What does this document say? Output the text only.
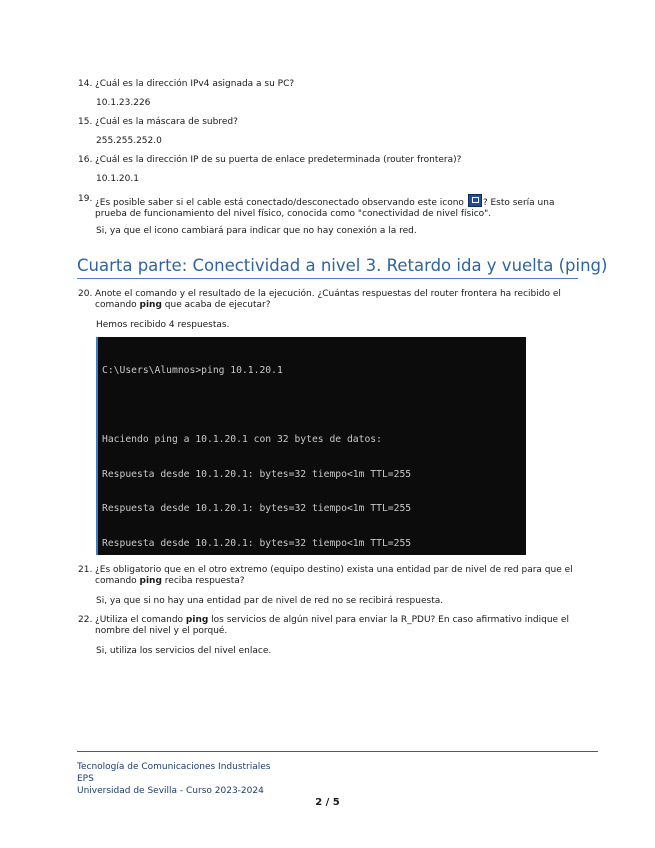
14. ¿Cuál es la dirección IPv4 asignada a su PC?
10.1.23.226
15. ¿Cuál es la máscara de subred?
255.255.252.0
16. ¿Cuál es la dirección IP de su puerta de enlace predeterminada (router frontera)?
10.1.20.1
19. ¿Es posible saber si el cable está conectado/desconectado observando este icono ? Esto sería una prueba de funcionamiento del nivel físico, conocida como "conectividad de nivel físico".
Si, ya que el icono cambiará para indicar que no hay conexión a la red.
Cuarta parte: Conectividad a nivel 3. Retardo ida y vuelta (ping)
20. Anote el comando y el resultado de la ejecución. ¿Cuántas respuestas del router frontera ha recibido el comando ping que acaba de ejecutar?
Hemos recibido 4 respuestas.

C:\Users\Alumnos>ping 10.1.20.1

Haciendo ping a 10.1.20.1 con 32 bytes de datos:

Respuesta desde 10.1.20.1: bytes=32 tiempo<1m TTL=255

Respuesta desde 10.1.20.1: bytes=32 tiempo<1m TTL=255

Respuesta desde 10.1.20.1: bytes=32 tiempo<1m TTL=255

21. ¿Es obligatorio que en el otro extremo (equipo destino) exista una entidad par de nivel de red para que el comando ping reciba respuesta?
Si, ya que si no hay una entidad par de nivel de red no se recibirá respuesta.
22. ¿Utiliza el comando ping los servicios de algún nivel para enviar la R_PDU? En caso afirmativo indique el nombre del nivel y el porqué.
Si, utiliza los servicios del nivel enlace.
Tecnología de Comunicaciones Industriales
EPS
Universidad de Sevilla - Curso 2023-2024
2 / 5
